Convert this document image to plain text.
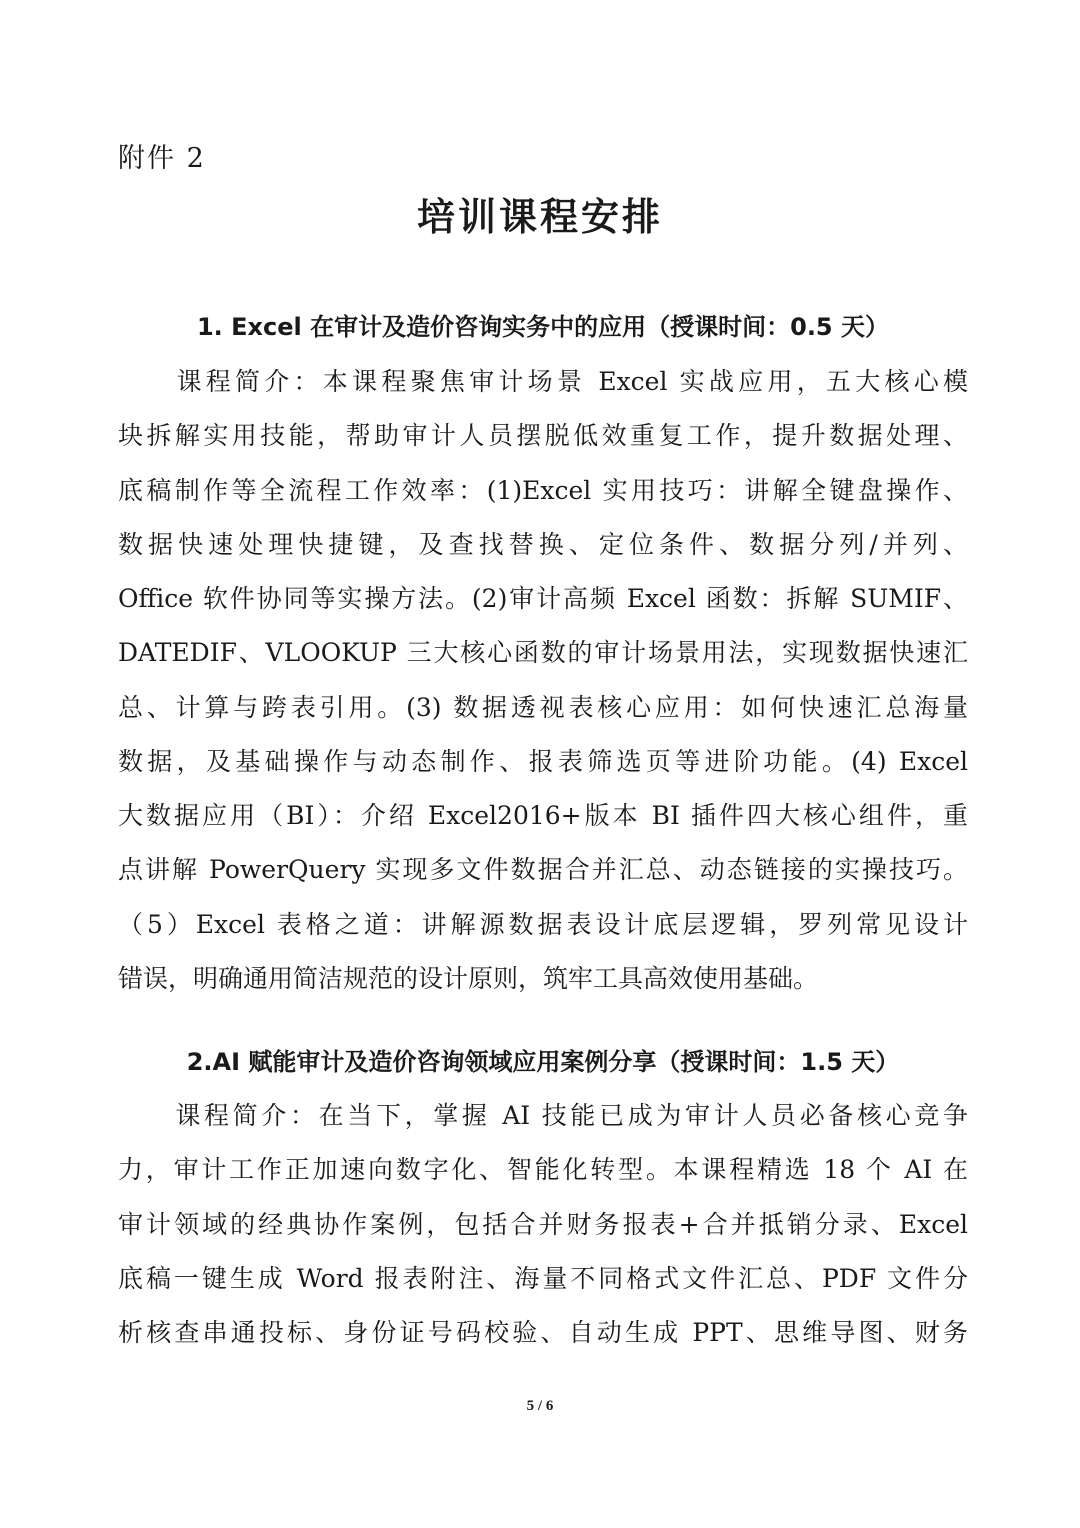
附件 2
培训课程安排
1. Excel 在审计及造价咨询实务中的应用（授课时间：0.5 天）
　　课程简介：本课程聚焦审计场景 Excel 实战应用，五大核心模
块拆解实用技能，帮助审计人员摆脱低效重复工作，提升数据处理、
底稿制作等全流程工作效率：(1)Excel 实用技巧：讲解全键盘操作、
数据快速处理快捷键，及查找替换、定位条件、数据分列/并列、
Office 软件协同等实操方法。(2)审计高频 Excel 函数：拆解 SUMIF、
DATEDIF、VLOOKUP 三大核心函数的审计场景用法，实现数据快速汇
总、计算与跨表引用。(3) 数据透视表核心应用：如何快速汇总海量
数据，及基础操作与动态制作、报表筛选页等进阶功能。(4) Excel
大数据应用（BI）：介绍 Excel2016+版本 BI 插件四大核心组件，重
点讲解 PowerQuery 实现多文件数据合并汇总、动态链接的实操技巧。
（5）Excel 表格之道：讲解源数据表设计底层逻辑，罗列常见设计
错误，明确通用简洁规范的设计原则，筑牢工具高效使用基础。
2.AI 赋能审计及造价咨询领域应用案例分享（授课时间：1.5 天）
　　课程简介：在当下，掌握 AI 技能已成为审计人员必备核心竞争
力，审计工作正加速向数字化、智能化转型。本课程精选 18 个 AI 在
审计领域的经典协作案例，包括合并财务报表+合并抵销分录、Excel
底稿一键生成 Word 报表附注、海量不同格式文件汇总、PDF 文件分
析核查串通投标、身份证号码校验、自动生成 PPT、思维导图、财务
5 / 6
